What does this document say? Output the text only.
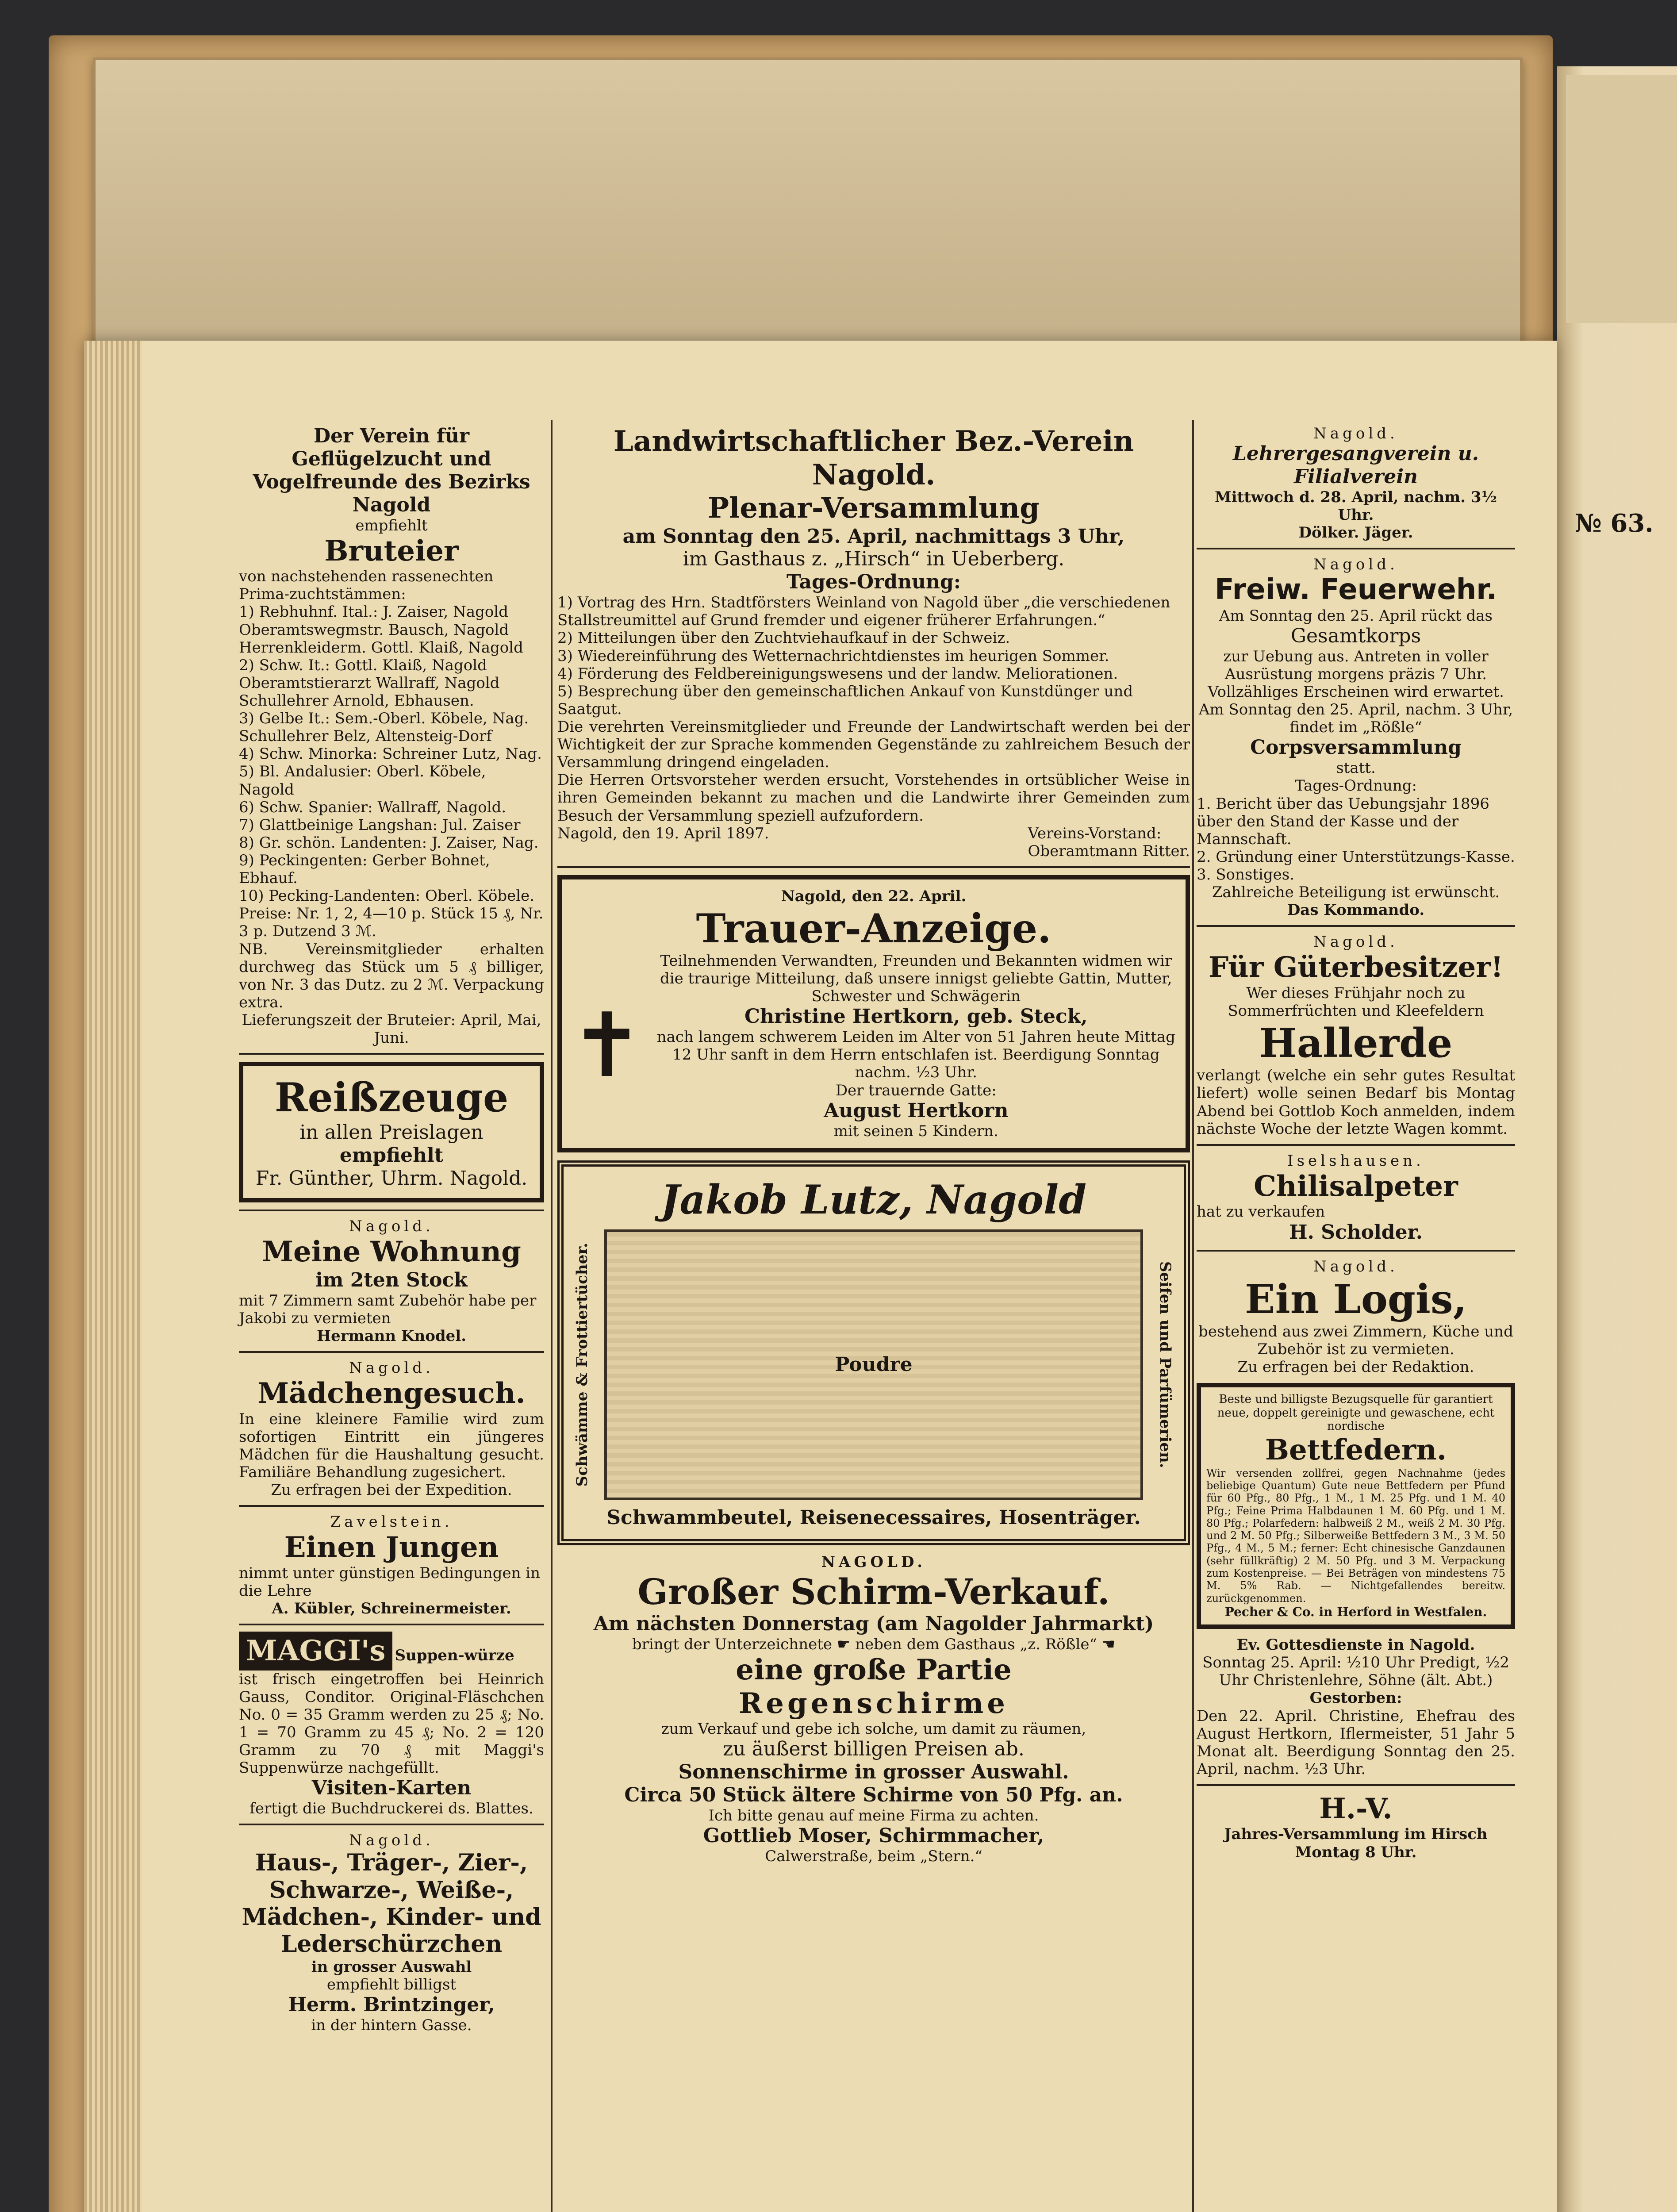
№ 63.

Der Verein für Geflügelzucht und Vogelfreunde des Bezirks Nagold

empfiehlt

Bruteier

von nachstehenden rassenechten Prima-zuchtstämmen:

1) Rebhuhnf. Ital.: J. Zaiser, Nagold Oberamtswegmstr. Bausch, Nagold Herrenkleiderm. Gottl. Klaiß, Nagold

2) Schw. It.: Gottl. Klaiß, Nagold Oberamtstierarzt Wallraff, Nagold Schullehrer Arnold, Ebhausen.

3) Gelbe It.: Sem.-Oberl. Köbele, Nag. Schullehrer Belz, Altensteig-Dorf

4) Schw. Minorka: Schreiner Lutz, Nag.

5) Bl. Andalusier: Oberl. Köbele, Nagold

6) Schw. Spanier: Wallraff, Nagold.

7) Glattbeinige Langshan: Jul. Zaiser

8) Gr. schön. Landenten: J. Zaiser, Nag.

9) Peckingenten: Gerber Bohnet, Ebhauf.

10) Pecking-Landenten: Oberl. Köbele.

Preise: Nr. 1, 2, 4—10 p. Stück 15 ₰, Nr. 3 p. Dutzend 3 ℳ.

NB. Vereinsmitglieder erhalten durchweg das Stück um 5 ₰ billiger, von Nr. 3 das Dutz. zu 2 ℳ. Verpackung extra.

Lieferungszeit der Bruteier: April, Mai, Juni.

Reißzeuge

in allen Preislagen

empfiehlt

Fr. Günther, Uhrm. Nagold.

Nagold.

Meine Wohnung

im 2ten Stock

mit 7 Zimmern samt Zubehör habe per Jakobi zu vermieten

Hermann Knodel.

Nagold.

Mädchengesuch.

In eine kleinere Familie wird zum sofortigen Eintritt ein jüngeres Mädchen für die Haushaltung gesucht. Familiäre Behandlung zugesichert.

Zu erfragen bei der Expedition.

Zavelstein.

Einen Jungen

nimmt unter günstigen Bedingungen in die Lehre

A. Kübler, Schreinermeister.

MAGGI's Suppen-würze

ist frisch eingetroffen bei Heinrich Gauss, Conditor. Original-Fläschchen No. 0 = 35 Gramm werden zu 25 ₰; No. 1 = 70 Gramm zu 45 ₰; No. 2 = 120 Gramm zu 70 ₰ mit Maggi's Suppenwürze nachgefüllt.

Visiten-Karten

fertigt die Buchdruckerei ds. Blattes.

Nagold.

Haus-, Träger-, Zier-, Schwarze-, Weiße-, Mädchen-, Kinder- und Lederschürzchen

in grosser Auswahl

empfiehlt billigst

Herm. Brintzinger,

in der hintern Gasse.

Landwirtschaftlicher Bez.-Verein Nagold.

Plenar-Versammlung

am Sonntag den 25. April, nachmittags 3 Uhr,

im Gasthaus z. „Hirsch“ in Ueberberg.

Tages-Ordnung:

1) Vortrag des Hrn. Stadtförsters Weinland von Nagold über „die verschiedenen Stallstreumittel auf Grund fremder und eigener früherer Erfahrungen.“

2) Mitteilungen über den Zuchtviehaufkauf in der Schweiz.

3) Wiedereinführung des Wetternachrichtdienstes im heurigen Sommer.

4) Förderung des Feldbereinigungswesens und der landw. Meliorationen.

5) Besprechung über den gemeinschaftlichen Ankauf von Kunstdünger und Saatgut.

Die verehrten Vereinsmitglieder und Freunde der Landwirtschaft werden bei der Wichtigkeit der zur Sprache kommenden Gegenstände zu zahlreichem Besuch der Versammlung dringend eingeladen.

Die Herren Ortsvorsteher werden ersucht, Vorstehendes in ortsüblicher Weise in ihren Gemeinden bekannt zu machen und die Landwirte ihrer Gemeinden zum Besuch der Versammlung speziell aufzufordern.

Nagold, den 19. April 1897.	Vereins-Vorstand:
Oberamtmann Ritter.

Nagold, den 22. April.

Trauer-Anzeige.

✝

Teilnehmenden Verwandten, Freunden und Bekannten widmen wir die traurige Mitteilung, daß unsere innigst geliebte Gattin, Mutter, Schwester und Schwägerin

Christine Hertkorn, geb. Steck,

nach langem schwerem Leiden im Alter von 51 Jahren heute Mittag 12 Uhr sanft in dem Herrn entschlafen ist. Beerdigung Sonntag nachm. ½3 Uhr.

Der trauernde Gatte:

August Hertkorn

mit seinen 5 Kindern.

Jakob Lutz, Nagold

Schwämme & Frottiertücher.	Poudre	Seifen und Parfümerien.

Schwammbeutel, Reisenecessaires, Hosenträger.

NAGOLD.

Großer Schirm-Verkauf.

Am nächsten Donnerstag (am Nagolder Jahrmarkt)

bringt der Unterzeichnete ☛ neben dem Gasthaus „z. Rößle“ ☚

eine große Partie

Regenschirme

zum Verkauf und gebe ich solche, um damit zu räumen,

zu äußerst billigen Preisen ab.

Sonnenschirme in grosser Auswahl.

Circa 50 Stück ältere Schirme von 50 Pfg. an.

Ich bitte genau auf meine Firma zu achten.

Gottlieb Moser, Schirmmacher,

Calwerstraße, beim „Stern.“

Nagold.

Lehrergesangverein u. Filialverein

Mittwoch d. 28. April, nachm. 3½ Uhr.

Dölker. Jäger.

Nagold.

Freiw. Feuerwehr.

Am Sonntag den 25. April rückt das

Gesamtkorps

zur Uebung aus. Antreten in voller Ausrüstung morgens präzis 7 Uhr.

Vollzähliges Erscheinen wird erwartet.

Am Sonntag den 25. April, nachm. 3 Uhr, findet im „Rößle“

Corpsversammlung

statt.

Tages-Ordnung:

1. Bericht über das Uebungsjahr 1896 über den Stand der Kasse und der Mannschaft.

2. Gründung einer Unterstützungs-Kasse.

3. Sonstiges.

Zahlreiche Beteiligung ist erwünscht.

Das Kommando.

Nagold.

Für Güterbesitzer!

Wer dieses Frühjahr noch zu Sommerfrüchten und Kleefeldern

Hallerde

verlangt (welche ein sehr gutes Resultat liefert) wolle seinen Bedarf bis Montag Abend bei Gottlob Koch anmelden, indem nächste Woche der letzte Wagen kommt.

Iselshausen.

Chilisalpeter

hat zu verkaufen

H. Scholder.

Nagold.

Ein Logis,

bestehend aus zwei Zimmern, Küche und Zubehör ist zu vermieten.

Zu erfragen bei der Redaktion.

Beste und billigste Bezugsquelle für garantiert neue, doppelt gereinigte und gewaschene, echt nordische

Bettfedern.

Wir versenden zollfrei, gegen Nachnahme (jedes beliebige Quantum) Gute neue Bettfedern per Pfund für 60 Pfg., 80 Pfg., 1 M., 1 M. 25 Pfg. und 1 M. 40 Pfg.; Feine Prima Halbdaunen 1 M. 60 Pfg. und 1 M. 80 Pfg.; Polarfedern: halbweiß 2 M., weiß 2 M. 30 Pfg. und 2 M. 50 Pfg.; Silberweiße Bettfedern 3 M., 3 M. 50 Pfg., 4 M., 5 M.; ferner: Echt chinesische Ganzdaunen (sehr füllkräftig) 2 M. 50 Pfg. und 3 M. Verpackung zum Kostenpreise. — Bei Beträgen von mindestens 75 M. 5% Rab. — Nichtgefallendes bereitw. zurückgenommen.

Pecher & Co. in Herford in Westfalen.

Ev. Gottesdienste in Nagold.

Sonntag 25. April: ½10 Uhr Predigt, ½2 Uhr Christenlehre, Söhne (ält. Abt.)

Gestorben:

Den 22. April. Christine, Ehefrau des August Hertkorn, Iflermeister, 51 Jahr 5 Monat alt. Beerdigung Sonntag den 25. April, nachm. ½3 Uhr.

H.-V.

Jahres-Versammlung im Hirsch

Montag 8 Uhr.
